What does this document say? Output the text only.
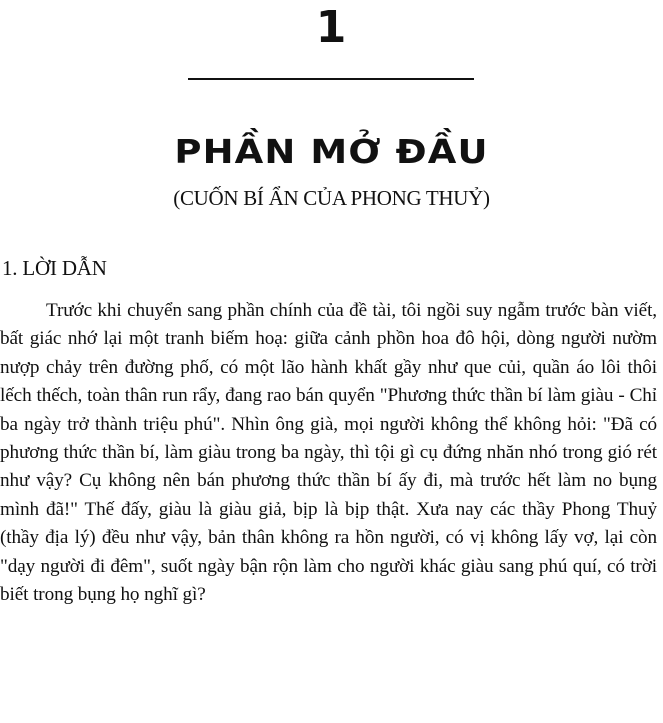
1
PHẦN MỞ ĐẦU
(CUỐN BÍ ẨN CỦA PHONG THUỶ)
1. LỜI DẪN

Trước khi chuyển sang phần chính của đề tài, tôi ngồi suy ngẫm trước bàn viết, bất giác nhớ lại một tranh biếm hoạ: giữa cảnh phồn hoa đô hội, dòng người nườm nượp chảy trên đường phố, có một lão hành khất gầy như que củi, quần áo lôi thôi lếch thếch, toàn thân run rẩy, đang rao bán quyển "Phương thức thần bí làm giàu - Chỉ ba ngày trở thành triệu phú". Nhìn ông già, mọi người không thể không hỏi: "Đã có phương thức thần bí, làm giàu trong ba ngày, thì tội gì cụ đứng nhăn nhó trong gió rét như vậy? Cụ không nên bán phương thức thần bí ấy đi, mà trước hết làm no bụng mình đã!" Thế đấy, giàu là giàu giả, bịp là bịp thật. Xưa nay các thầy Phong Thuỷ (thầy địa lý) đều như vậy, bản thân không ra hồn người, có vị không lấy vợ, lại còn "dạy người đi đêm", suốt ngày bận rộn làm cho người khác giàu sang phú quí, có trời biết trong bụng họ nghĩ gì?
